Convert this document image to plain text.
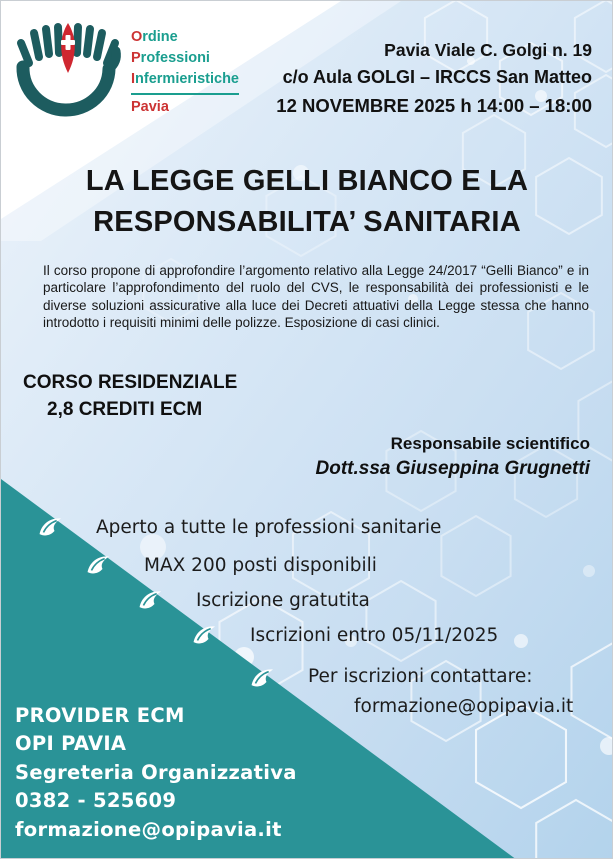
Ordine
Professioni
Infermieristiche
Pavia
Pavia Viale C. Golgi n. 19
c/o Aula GOLGI – IRCCS San Matteo
12 NOVEMBRE 2025 h 14:00 – 18:00
LA LEGGE GELLI BIANCO E LA
RESPONSABILITA’ SANITARIA
Il corso propone di approfondire l’argomento relativo alla Legge 24/2017 “Gelli Bianco” e in particolare l’approfondimento del ruolo del CVS, le responsabilità dei professionisti e le diverse soluzioni assicurative alla luce dei Decreti attuativi della Legge stessa che hanno introdotto i requisiti minimi delle polizze. Esposizione di casi clinici.
CORSO RESIDENZIALE
2,8 CREDITI ECM
Responsabile scientifico
Dott.ssa Giuseppina Grugnetti
Aperto a tutte le professioni sanitarie
MAX 200 posti disponibili
Iscrizione gratutita
Iscrizioni entro 05/11/2025
Per iscrizioni contattare:
formazione@opipavia.it
PROVIDER ECM
OPI PAVIA
Segreteria Organizzativa
0382 - 525609
formazione@opipavia.it
